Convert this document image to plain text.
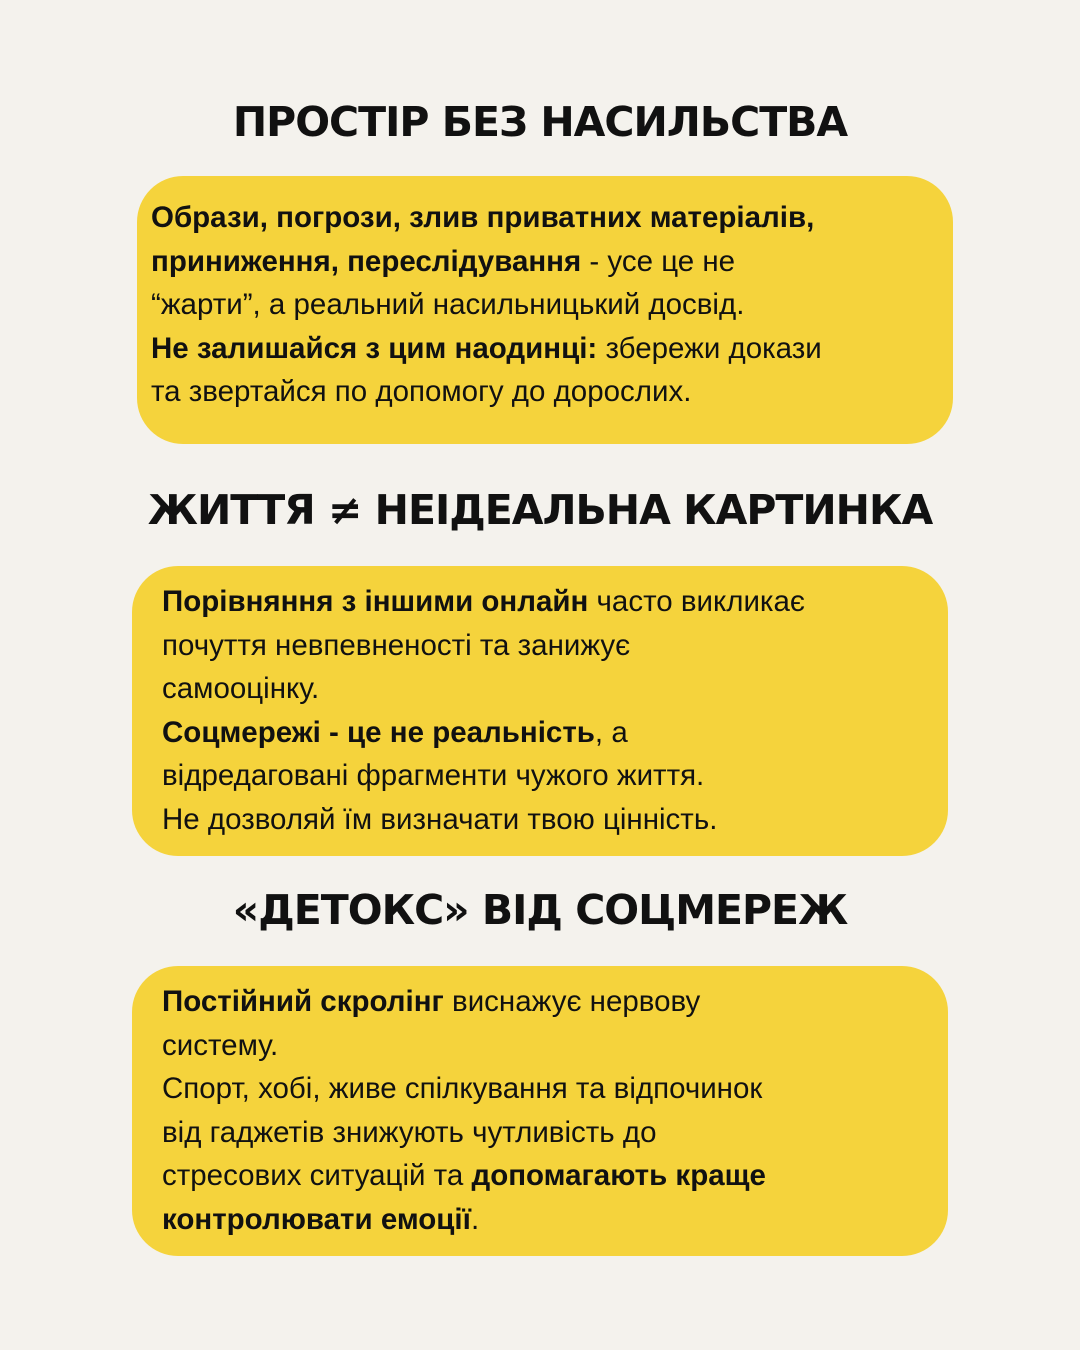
ПРОСТІР БЕЗ НАСИЛЬСТВА

Образи, погрози, злив приватних матеріалів,

приниження, переслідування - усе це не

“жарти”, а реальний насильницький досвід.

Не залишайся з цим наодинці: збережи докази

та звертайся по допомогу до дорослих.

ЖИТТЯ ≠ НЕІДЕАЛЬНА КАРТИНКА

Порівняння з іншими онлайн часто викликає

почуття невпевненості та занижує

самооцінку.

Соцмережі - це не реальність, а

відредаговані фрагменти чужого життя.

Не дозволяй їм визначати твою цінність.

«ДЕТОКС» ВІД СОЦМЕРЕЖ

Постійний скролінг виснажує нервову

систему.

Спорт, хобі, живе спілкування та відпочинок

від гаджетів знижують чутливість до

стресових ситуацій та допомагають краще

контролювати емоції.
